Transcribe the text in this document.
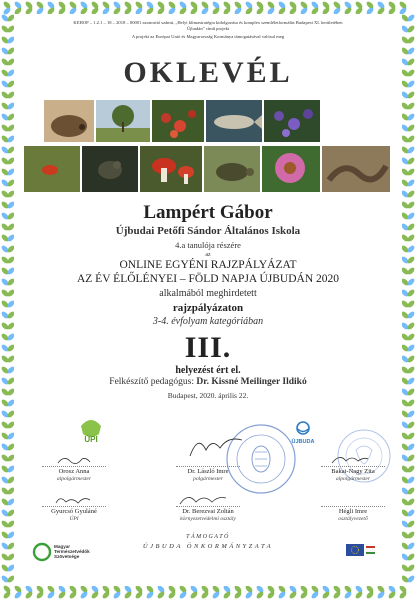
KEHOP – 1.2.1 – 18 – 2018 – 00001 azonosító számú, „Helyi klímastratégia kidolgozása és komplex szemléletformálás Budapest XI. kerületében
Újbudán” című projekt
A projekt az Európai Unió és Magyarország Kormánya támogatásával valósul meg
OKLEVÉL
Lampért Gábor
Újbudai Petőfi Sándor Általános Iskola
4.a tanulója részére
az
ONLINE EGYÉNI RAJZPÁLYÁZAT
AZ ÉV ÉLŐLÉNYEI – FÖLD NAPJA ÚJBUDÁN 2020
alkalmából meghirdetett
rajzpályázaton
3-4. évfolyam kategóriában
III.
helyezést ért el.
Felkészítő pedagógus: Dr. Kissné Meilinger Ildikó
Budapest, 2020. április 22.
ÚPI	ÚJBUDA
Orosz Anna
alpolgármester
Dr. László Imre
polgármester
Bakai-Nagy Zita
alpolgármester
Gyurcsó Gyuláné
ÚPI
Dr. Berezvai Zoltán
környezetvédelmi osztály
Hégli Imre
osztályvezető
Magyar
Természetvédők
Szövetsége
TÁMOGATÓ
ÚJBUDA ÖNKORMÁNYZATA
